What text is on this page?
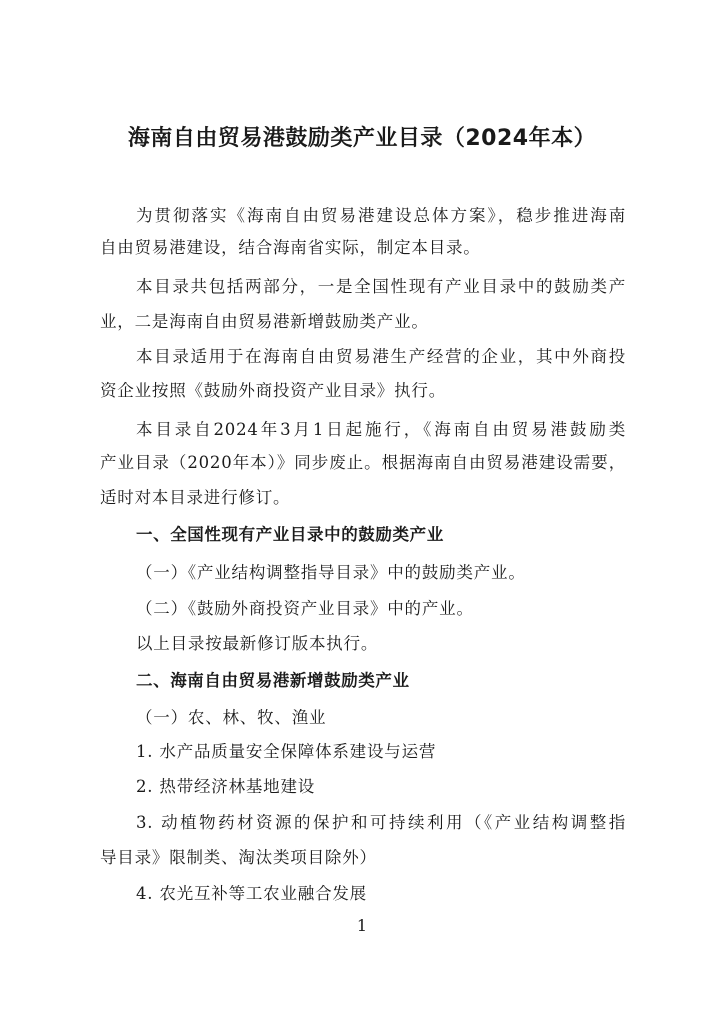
海南自由贸易港鼓励类产业目录（2024年本）
为贯彻落实《海南自由贸易港建设总体方案》，稳步推进海南
自由贸易港建设，结合海南省实际，制定本目录。
本目录共包括两部分，一是全国性现有产业目录中的鼓励类产
业，二是海南自由贸易港新增鼓励类产业。
本目录适用于在海南自由贸易港生产经营的企业，其中外商投
资企业按照《鼓励外商投资产业目录》执行。
本目录自2024年3月1日起施行，《海南自由贸易港鼓励类
产业目录（2020年本）》同步废止。根据海南自由贸易港建设需要，
适时对本目录进行修订。
一、全国性现有产业目录中的鼓励类产业
（一）《产业结构调整指导目录》中的鼓励类产业。
（二）《鼓励外商投资产业目录》中的产业。
以上目录按最新修订版本执行。
二、海南自由贸易港新增鼓励类产业
（一）农、林、牧、渔业
1. 水产品质量安全保障体系建设与运营
2. 热带经济林基地建设
3. 动植物药材资源的保护和可持续利用（《产业结构调整指
导目录》限制类、淘汰类项目除外）
4. 农光互补等工农业融合发展
1
